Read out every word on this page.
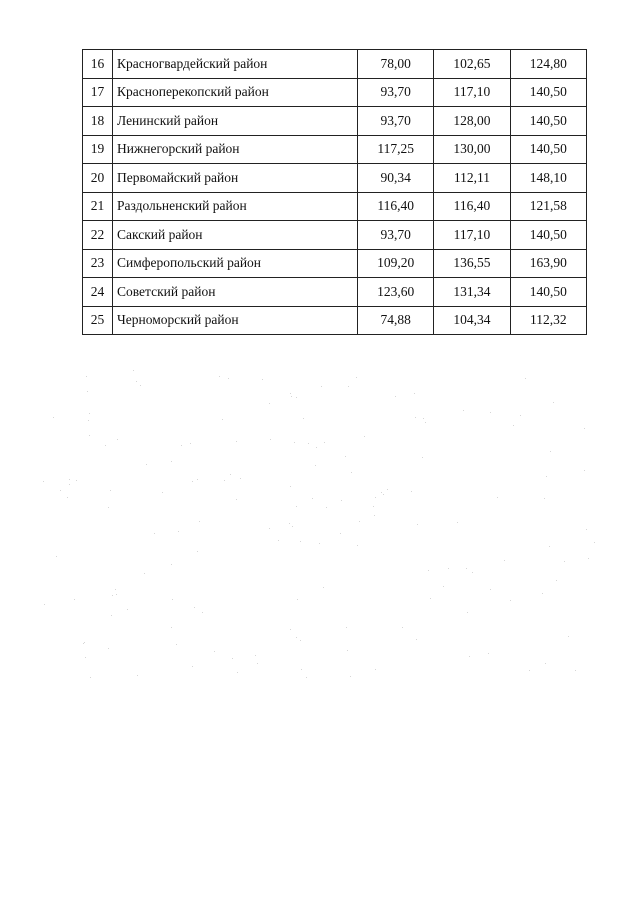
16	Красногвардейский район	78,00	102,65	124,80
17	Красноперекопский район	93,70	117,10	140,50
18	Ленинский район	93,70	128,00	140,50
19	Нижнегорский район	117,25	130,00	140,50
20	Первомайский район	90,34	112,11	148,10
21	Раздольненский район	116,40	116,40	121,58
22	Сакский район	93,70	117,10	140,50
23	Симферопольский район	109,20	136,55	163,90
24	Советский район	123,60	131,34	140,50
25	Черноморский район	74,88	104,34	112,32
